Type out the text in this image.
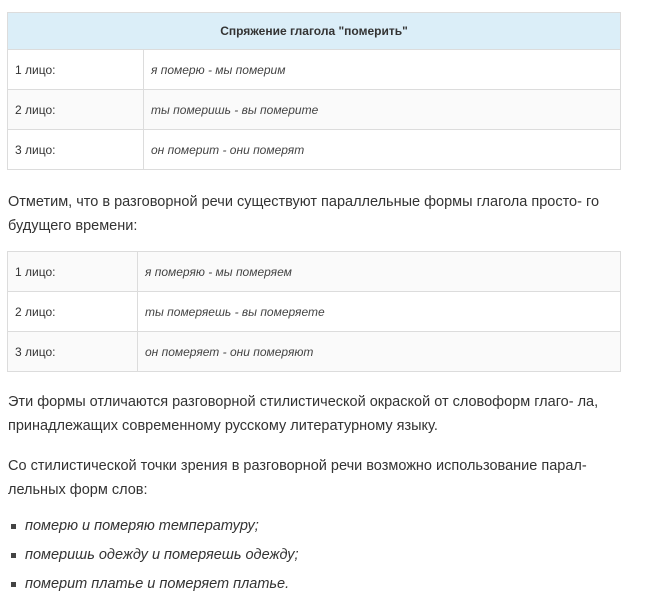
Спряжение глагола "померить"	
1 лицо:	я померю - мы померим
2 лицо:	ты померишь - вы померите
3 лицо:	он померит - они померят

Отметим, что в разговорной речи существуют параллельные формы глагола просто- го будущего времени:

1 лицо:	я померяю - мы померяем
2 лицо:	ты померяешь - вы померяете
3 лицо:	он померяет - они померяют

Эти формы отличаются разговорной стилистической окраской от словоформ глаго- ла, принадлежащих современному русскому литературному языку.

Со стилистической точки зрения в разговорной речи возможно использование парал- лельных форм слов:

померю и померяю температуру;
померишь одежду и померяешь одежду;
померит платье и померяет платье.
